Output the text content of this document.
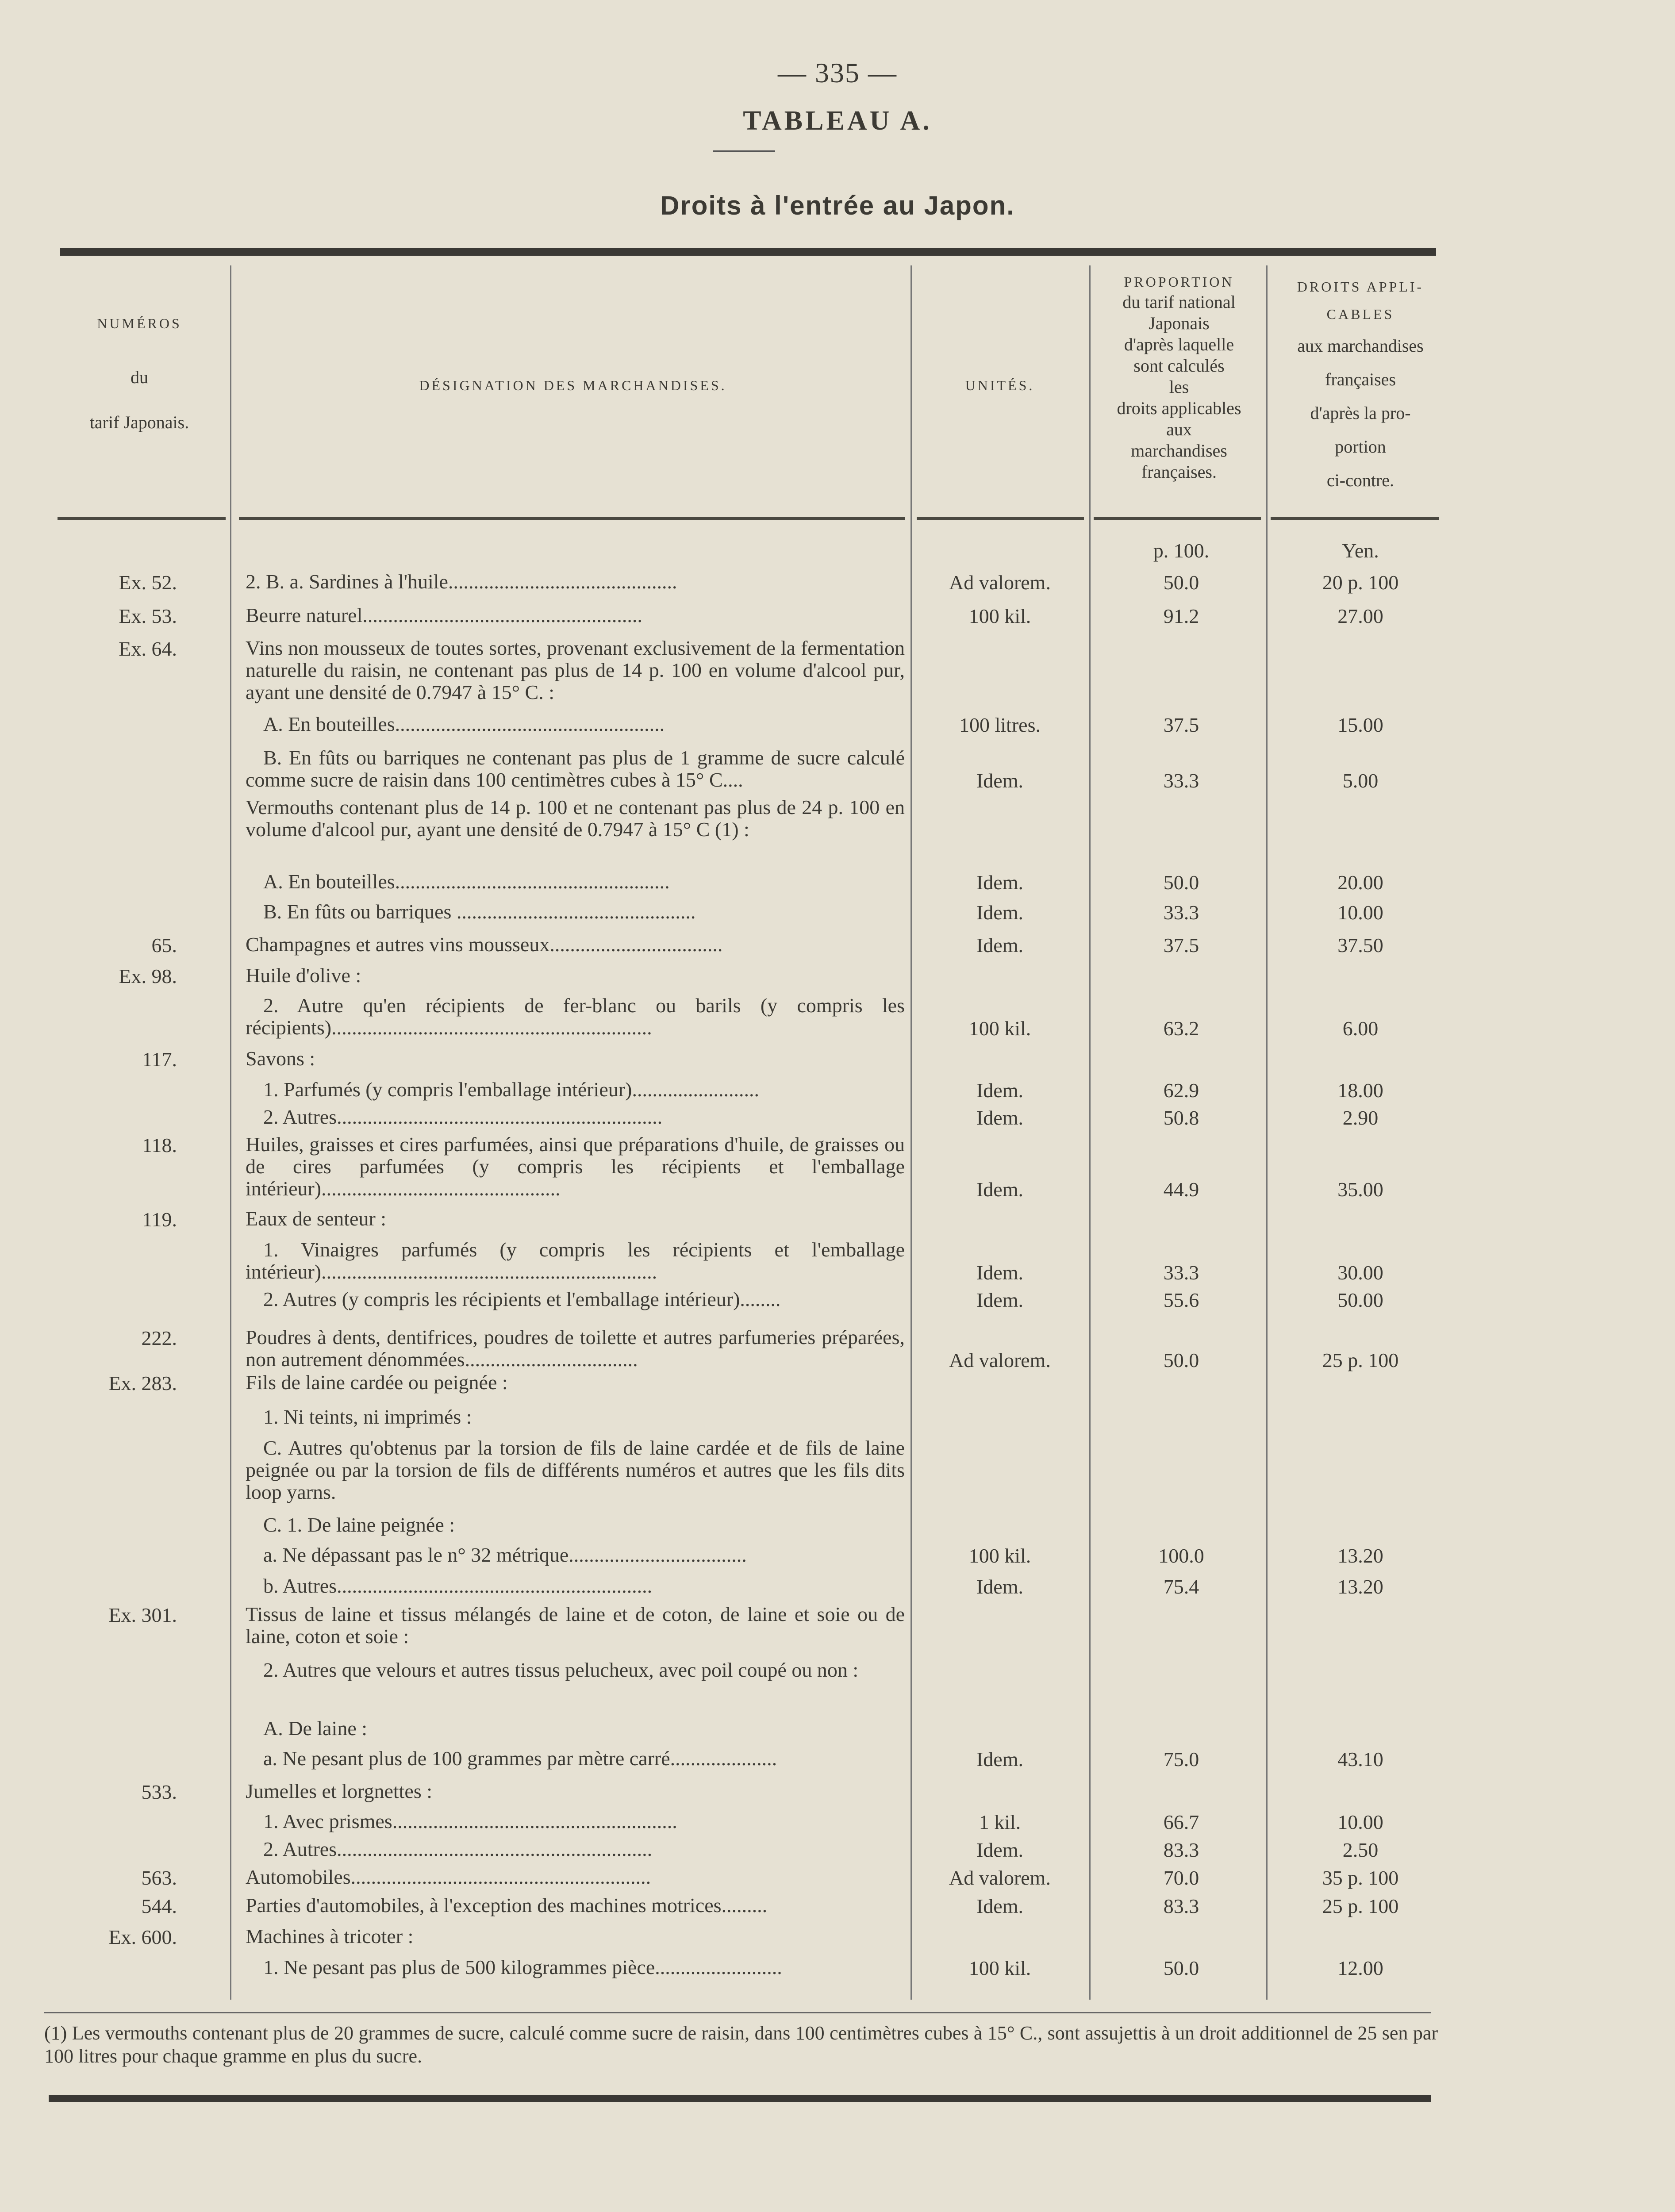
— 335 —
TABLEAU A.
Droits à l'entrée au Japon.
NUMÉROS
du
tarif Japonais.
DÉSIGNATION DES MARCHANDISES.	UNITÉS.
PROPORTION
du tarif national
Japonais
d'après laquelle
sont calculés
les
droits applicables
aux
marchandises
françaises.
DROITS APPLI-
CABLES
aux marchandises
françaises
d'après la pro-
portion
ci-contre.
p. 100.	Yen.
Ex. 52.	2. B. a. Sardines à l'huile.............................................	Ad valorem.	50.0	20 p. 100
Ex. 53.	Beurre naturel.......................................................	100 kil.	91.2	27.00
Ex. 64.	Vins non mousseux de toutes sortes, provenant exclusivement de la fermentation naturelle du raisin, ne contenant pas plus de 14 p. 100 en volume d'alcool pur, ayant une densité de 0.7947 à 15° C. :
A. En bouteilles.....................................................	100 litres.	37.5	15.00
B. En fûts ou barriques ne contenant pas plus de 1 gramme de sucre calculé comme sucre de raisin dans 100 centimètres cubes à 15° C....	Idem.	33.3	5.00
Vermouths contenant plus de 14 p. 100 et ne contenant pas plus de 24 p. 100 en volume d'alcool pur, ayant une densité de 0.7947 à 15° C (1) :
A. En bouteilles......................................................	Idem.	50.0	20.00
B. En fûts ou barriques ...............................................	Idem.	33.3	10.00
65.	Champagnes et autres vins mousseux..................................	Idem.	37.5	37.50
Ex. 98.	Huile d'olive :
2. Autre qu'en récipients de fer-blanc ou barils (y compris les récipients)...............................................................	100 kil.	63.2	6.00
117.	Savons :
1. Parfumés (y compris l'emballage intérieur).........................	Idem.	62.9	18.00
2. Autres................................................................	Idem.	50.8	2.90
118.	Huiles, graisses et cires parfumées, ainsi que préparations d'huile, de graisses ou de cires parfumées (y compris les récipients et l'emballage intérieur)...............................................	Idem.	44.9	35.00
119.	Eaux de senteur :
1. Vinaigres parfumés (y compris les récipients et l'emballage intérieur)..................................................................	Idem.	33.3	30.00
2. Autres (y compris les récipients et l'emballage intérieur)........	Idem.	55.6	50.00
222.	Poudres à dents, dentifrices, poudres de toilette et autres parfumeries préparées, non autrement dénommées..................................	Ad valorem.	50.0	25 p. 100
Ex. 283.	Fils de laine cardée ou peignée :
1. Ni teints, ni imprimés :
C. Autres qu'obtenus par la torsion de fils de laine cardée et de fils de laine peignée ou par la torsion de fils de différents numéros et autres que les fils dits loop yarns.
C. 1. De laine peignée :
a. Ne dépassant pas le n° 32 métrique...................................	100 kil.	100.0	13.20
b. Autres..............................................................	Idem.	75.4	13.20
Ex. 301.	Tissus de laine et tissus mélangés de laine et de coton, de laine et soie ou de laine, coton et soie :
2. Autres que velours et autres tissus pelucheux, avec poil coupé ou non :
A. De laine :
a. Ne pesant plus de 100 grammes par mètre carré.....................	Idem.	75.0	43.10
533.	Jumelles et lorgnettes :
1. Avec prismes........................................................	1 kil.	66.7	10.00
2. Autres..............................................................	Idem.	83.3	2.50
563.	Automobiles...........................................................	Ad valorem.	70.0	35 p. 100
544.	Parties d'automobiles, à l'exception des machines motrices.........	Idem.	83.3	25 p. 100
Ex. 600.	Machines à tricoter :
1. Ne pesant pas plus de 500 kilogrammes pièce.........................	100 kil.	50.0	12.00
(1) Les vermouths contenant plus de 20 grammes de sucre, calculé comme sucre de raisin, dans 100 centimètres cubes à 15° C., sont assujettis à un droit additionnel de 25 sen par 100 litres pour chaque gramme en plus du sucre.
